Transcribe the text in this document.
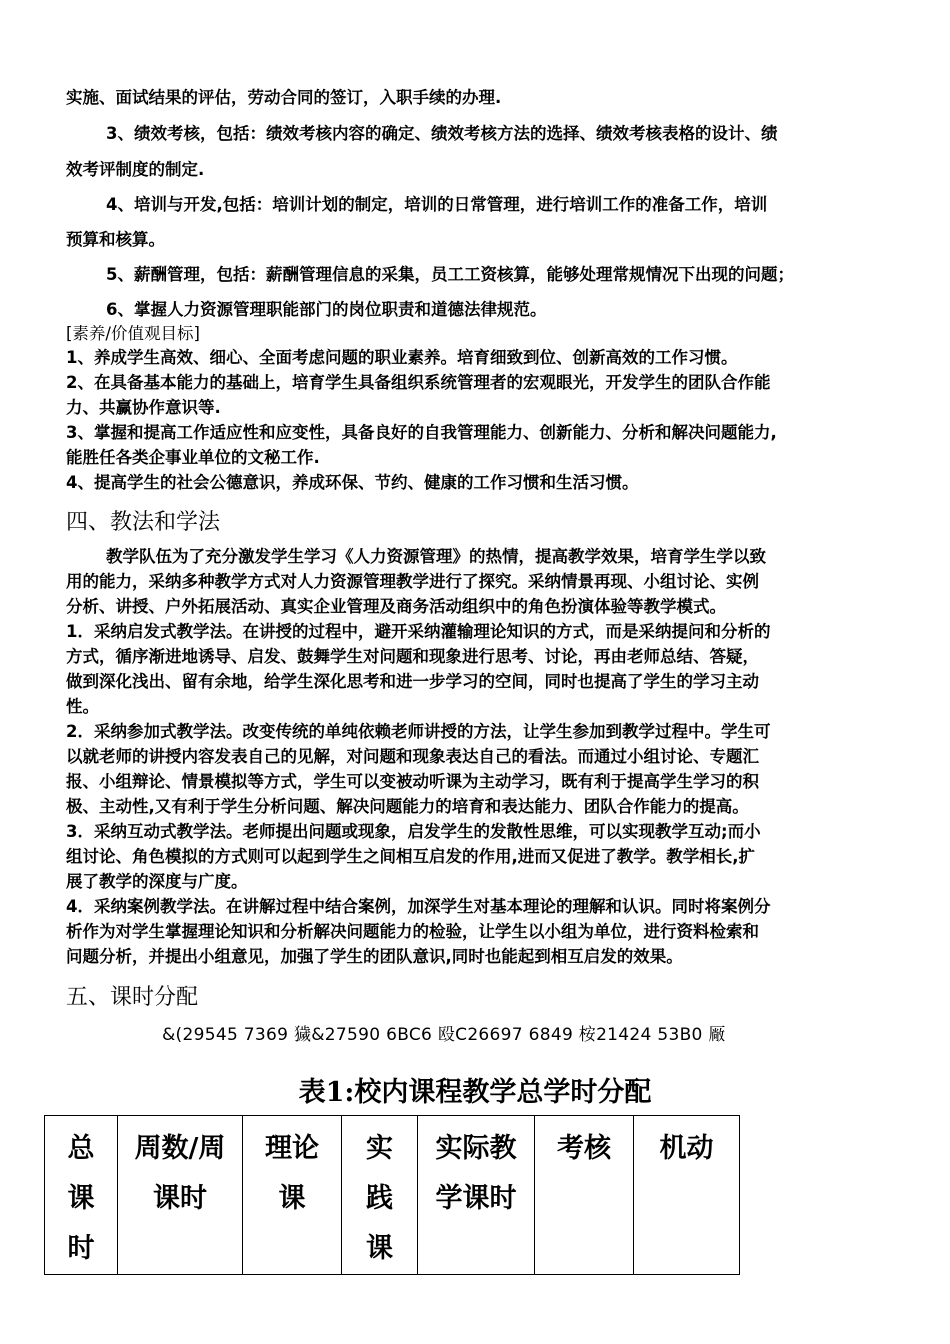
实施、面试结果的评估，劳动合同的签订，入职手续的办理.
3、绩效考核，包括：绩效考核内容的确定、绩效考核方法的选择、绩效考核表格的设计、绩
效考评制度的制定.
4、培训与开发,包括：培训计划的制定，培训的日常管理，进行培训工作的准备工作，培训
预算和核算。
5、薪酬管理，包括：薪酬管理信息的采集，员工工资核算，能够处理常规情况下出现的问题；
6、掌握人力资源管理职能部门的岗位职责和道德法律规范。
[素养/价值观目标]
1、养成学生高效、细心、全面考虑问题的职业素养。培育细致到位、创新高效的工作习惯。
2、在具备基本能力的基础上，培育学生具备组织系统管理者的宏观眼光，开发学生的团队合作能
力、共赢协作意识等.
3、掌握和提高工作适应性和应变性，具备良好的自我管理能力、创新能力、分析和解决问题能力,
能胜任各类企事业单位的文秘工作.
4、提高学生的社会公德意识，养成环保、节约、健康的工作习惯和生活习惯。
教学队伍为了充分激发学生学习《人力资源管理》的热情，提高教学效果，培育学生学以致
用的能力，采纳多种教学方式对人力资源管理教学进行了探究。采纳情景再现、小组讨论、实例
分析、讲授、户外拓展活动、真实企业管理及商务活动组织中的角色扮演体验等教学模式。
1．采纳启发式教学法。在讲授的过程中，避开采纳灌输理论知识的方式，而是采纳提问和分析的
方式，循序渐进地诱导、启发、鼓舞学生对问题和现象进行思考、讨论，再由老师总结、答疑，
做到深化浅出、留有余地，给学生深化思考和进一步学习的空间，同时也提高了学生的学习主动
性。
2．采纳参加式教学法。改变传统的单纯依赖老师讲授的方法，让学生参加到教学过程中。学生可
以就老师的讲授内容发表自己的见解，对问题和现象表达自己的看法。而通过小组讨论、专题汇
报、小组辩论、情景模拟等方式，学生可以变被动听课为主动学习，既有利于提高学生学习的积
极、主动性,又有利于学生分析问题、解决问题能力的培育和表达能力、团队合作能力的提高。
3．采纳互动式教学法。老师提出问题或现象，启发学生的发散性思维，可以实现教学互动;而小
组讨论、角色模拟的方式则可以起到学生之间相互启发的作用,进而又促进了教学。教学相长,扩
展了教学的深度与广度。
4．采纳案例教学法。在讲解过程中结合案例，加深学生对基本理论的理解和认识。同时将案例分
析作为对学生掌握理论知识和分析解决问题能力的检验，让学生以小组为单位，进行资料检索和
问题分析，并提出小组意见，加强了学生的团队意识,同时也能起到相互启发的效果。
四、教法和学法
五、课时分配
&(29545 7369 獩&27590 6BC6 殴C26697 6849 桉21424 53B0 厰
表1:校内课程教学总学时分配
总课时	周数/周课时	理论课	实践课	实际教学课时	考核	机动
